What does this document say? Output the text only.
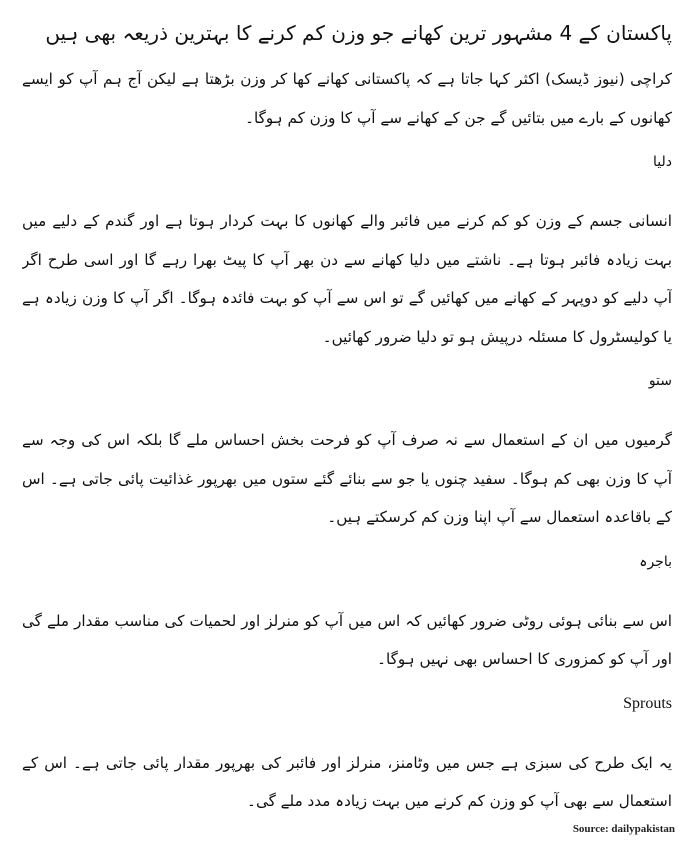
پاکستان کے 4 مشہور ترین کھانے جو وزن کم کرنے کا بہترین ذریعہ بھی ہیں

کراچی (نیوز ڈیسک) اکثر کہا جاتا ہے کہ پاکستانی کھانے کھا کر وزن بڑھتا ہے لیکن آج ہم آپ کو ایسے کھانوں کے بارے میں بتائیں گے جن کے کھانے سے آپ کا وزن کم ہوگا۔

دلیا

انسانی جسم کے وزن کو کم کرنے میں فائبر والے کھانوں کا بہت کردار ہوتا ہے اور گندم کے دلیے میں بہت زیادہ فائبر ہوتا ہے۔ ناشتے میں دلیا کھانے سے دن بھر آپ کا پیٹ بھرا رہے گا اور اسی طرح اگر آپ دلیے کو دوپہر کے کھانے میں کھائیں گے تو اس سے آپ کو بہت فائدہ ہوگا۔ اگر آپ کا وزن زیادہ ہے یا کولیسٹرول کا مسئلہ درپیش ہو تو دلیا ضرور کھائیں۔

ستو

گرمیوں میں ان کے استعمال سے نہ صرف آپ کو فرحت بخش احساس ملے گا بلکہ اس کی وجہ سے آپ کا وزن بھی کم ہوگا۔ سفید چنوں یا جو سے بنائے گئے ستوں میں بھرپور غذائیت پائی جاتی ہے۔ اس کے باقاعدہ استعمال سے آپ اپنا وزن کم کرسکتے ہیں۔

باجرہ

اس سے بنائی ہوئی روٹی ضرور کھائیں کہ اس میں آپ کو منرلز اور لحمیات کی مناسب مقدار ملے گی اور آپ کو کمزوری کا احساس بھی نہیں ہوگا۔

Sprouts

یہ ایک طرح کی سبزی ہے جس میں وٹامنز، منرلز اور فائبر کی بھرپور مقدار پائی جاتی ہے۔ اس کے استعمال سے بھی آپ کو وزن کم کرنے میں بہت زیادہ مدد ملے گی۔

Source: dailypakistan
